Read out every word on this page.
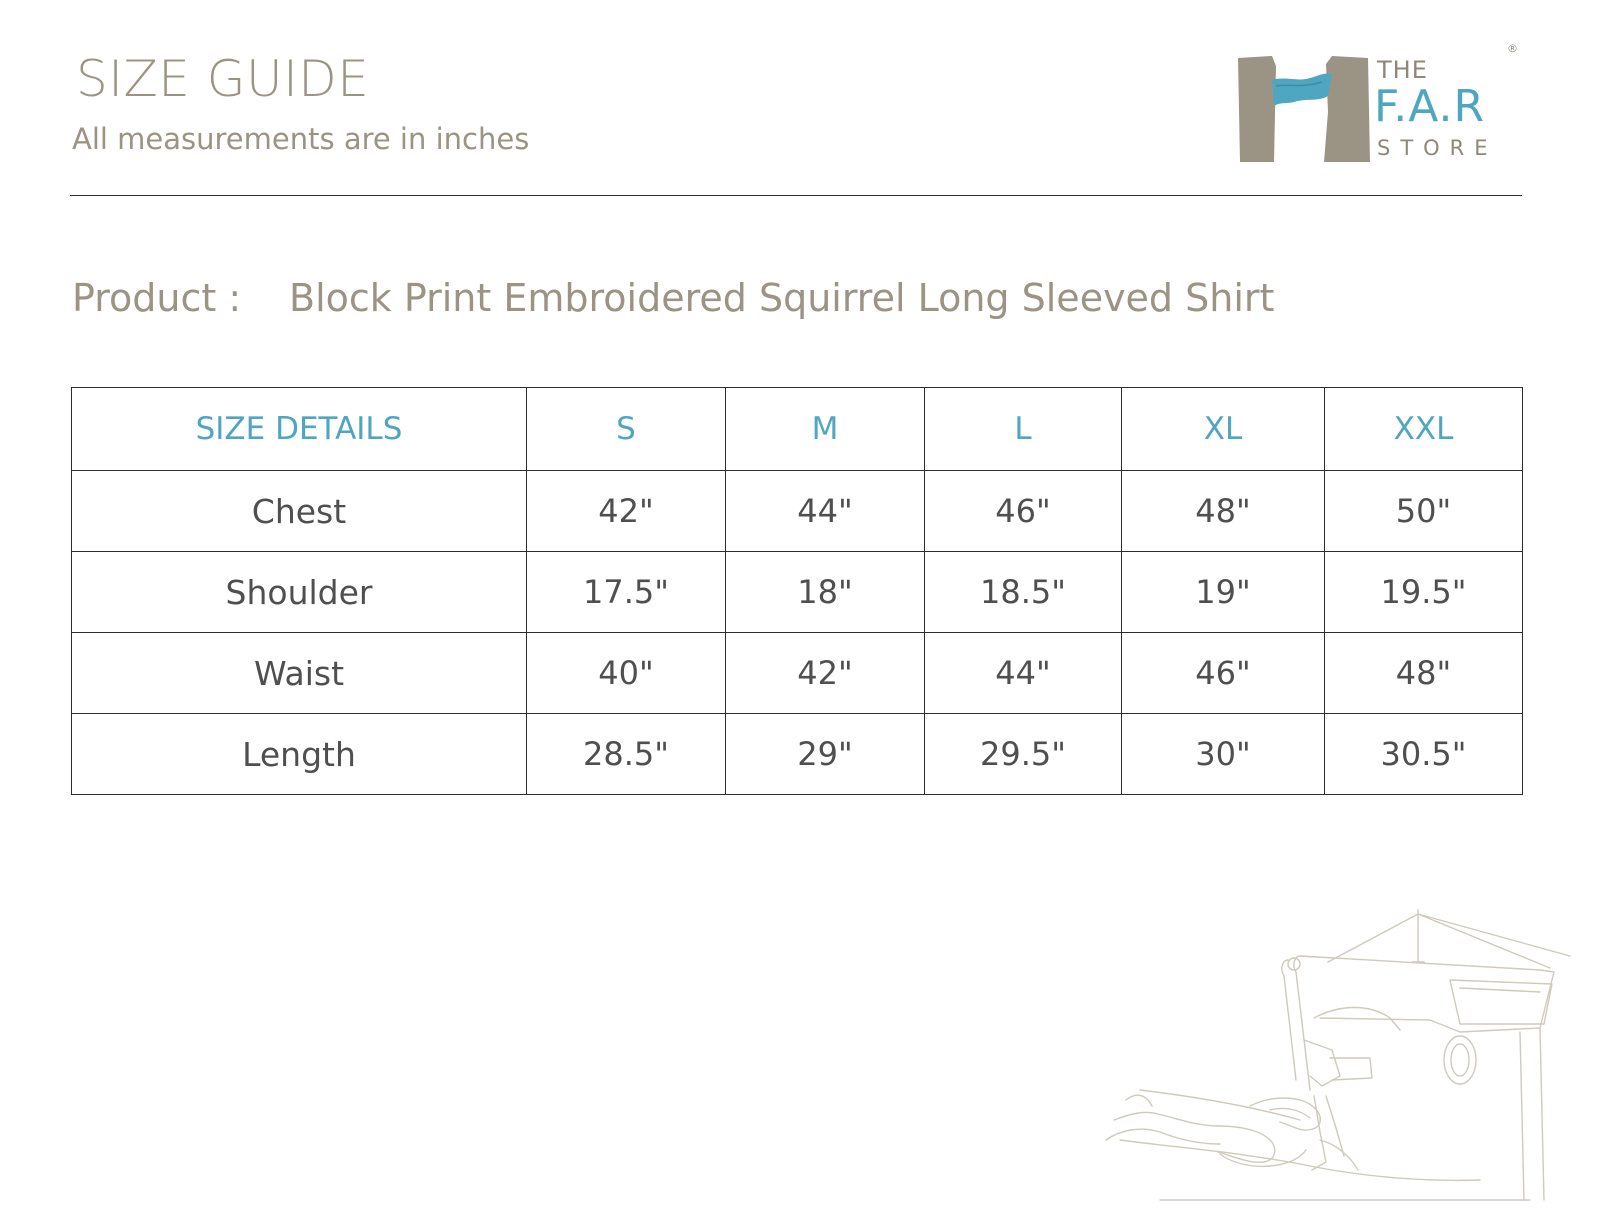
SIZE GUIDE
All measurements are in inches
THE
F.A.R
STORE
®
Product : Block Print Embroidered Squirrel Long Sleeved Shirt
SIZE DETAILS	S	M	L	XL	XXL
Chest	42"	44"	46"	48"	50"
Shoulder	17.5"	18"	18.5"	19"	19.5"
Waist	40"	42"	44"	46"	48"
Length	28.5"	29"	29.5"	30"	30.5"
